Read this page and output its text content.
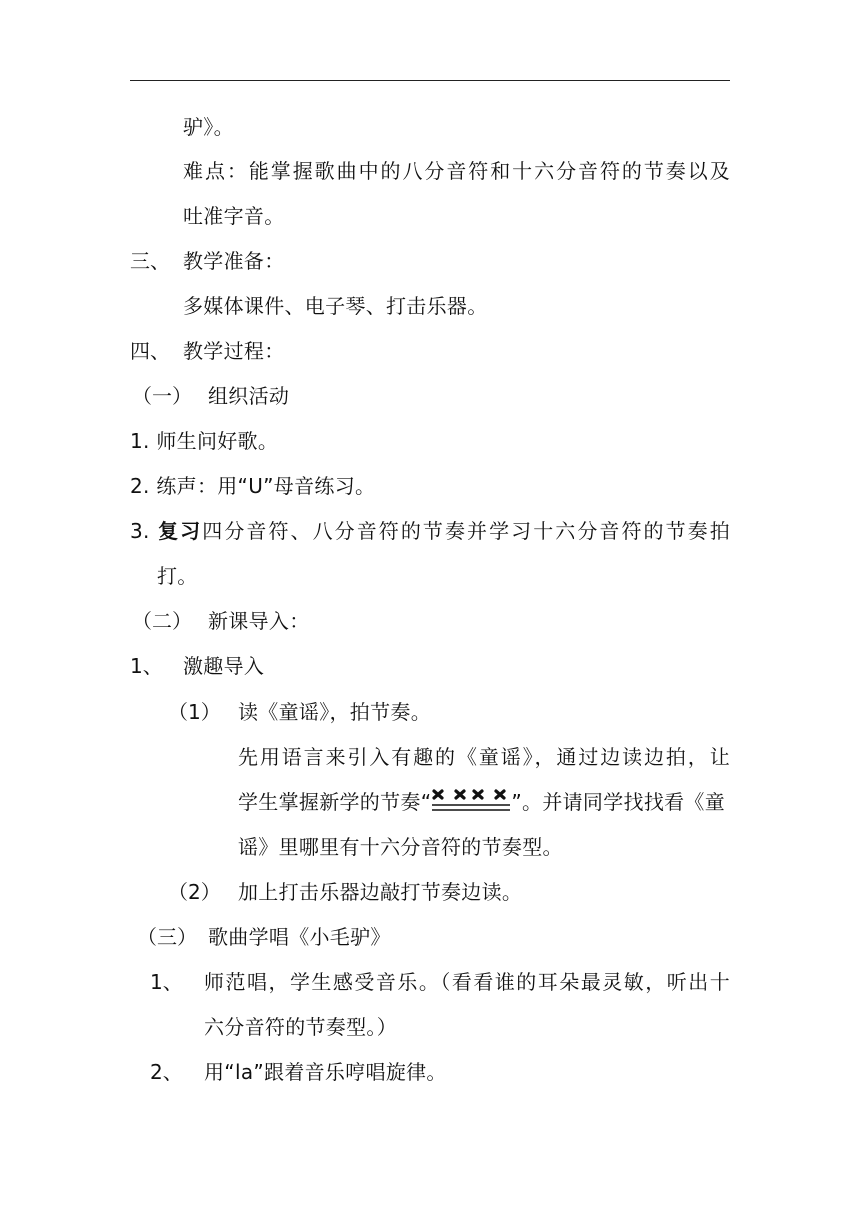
驴》。
难点：能掌握歌曲中的八分音符和十六分音符的节奏以及
吐准字音。
三、 教学准备：
多媒体课件、电子琴、打击乐器。
四、 教学过程：
（一） 组织活动
1. 师生问好歌。
2. 练声：用“U”母音练习。
3. 复习四分音符、八分音符的节奏并学习十六分音符的节奏拍
打。
（二） 新课导入：
1、 激趣导入
（1） 读《童谣》，拍节奏。
先用语言来引入有趣的《童谣》，通过边读边拍，让
学生掌握新学的节奏“	”。并请同学找找看《童
谣》里哪里有十六分音符的节奏型。
（2） 加上打击乐器边敲打节奏边读。
（三） 歌曲学唱《小毛驴》
1、 师范唱，学生感受音乐。（看看谁的耳朵最灵敏，听出十
六分音符的节奏型。）
2、 用“la”跟着音乐哼唱旋律。
